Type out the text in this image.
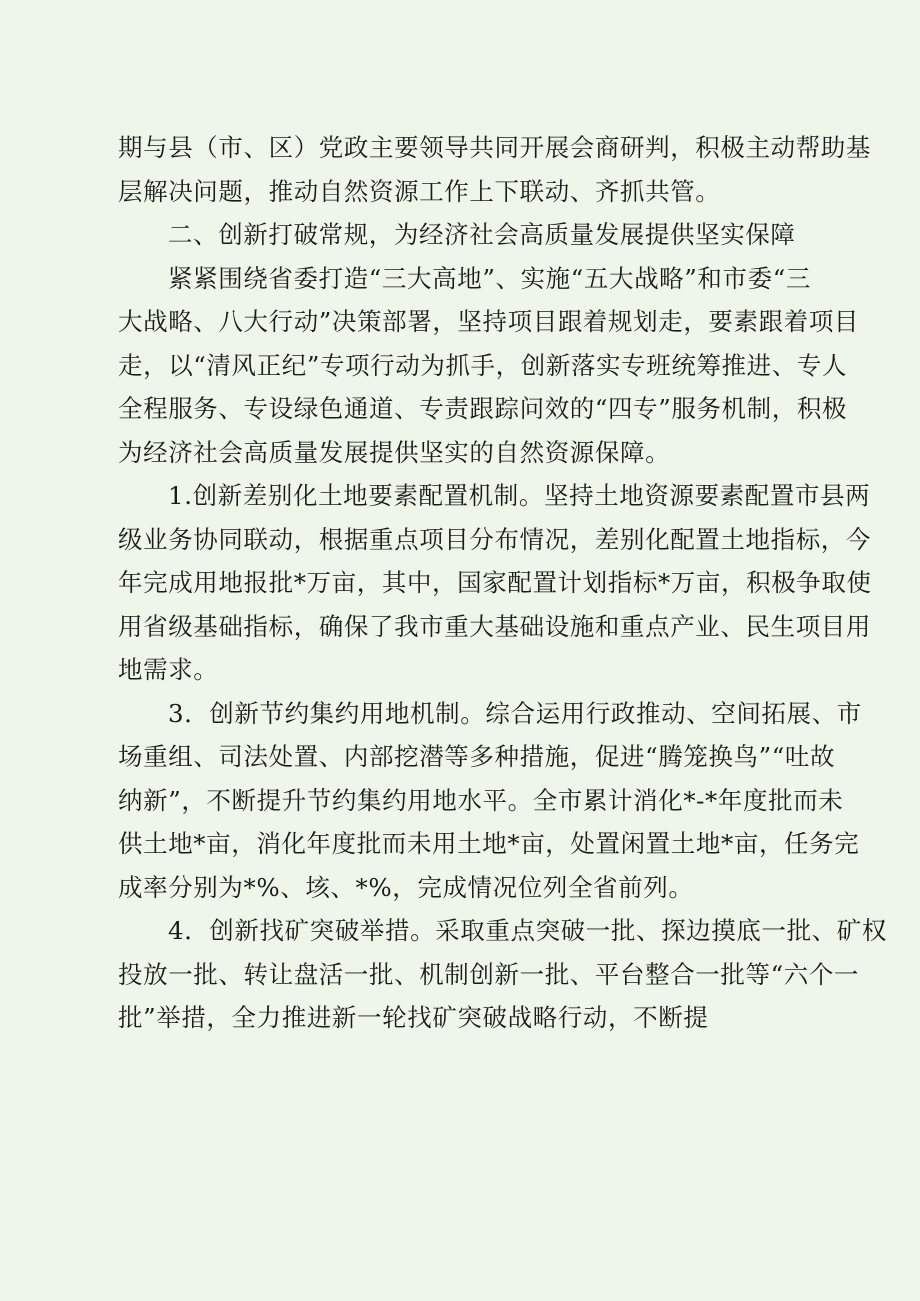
期与县（市、区）党政主要领导共同开展会商研判，积极主动帮助基
层解决问题，推动自然资源工作上下联动、齐抓共管。
二、创新打破常规，为经济社会高质量发展提供坚实保障
紧紧围绕省委打造“三大高地”、实施“五大战略”和市委“三
大战略、八大行动”决策部署，坚持项目跟着规划走，要素跟着项目
走，以“清风正纪”专项行动为抓手，创新落实专班统筹推进、专人
全程服务、专设绿色通道、专责跟踪问效的“四专”服务机制，积极
为经济社会高质量发展提供坚实的自然资源保障。
1.创新差别化土地要素配置机制。坚持土地资源要素配置市县两
级业务协同联动，根据重点项目分布情况，差别化配置土地指标，今
年完成用地报批*万亩，其中，国家配置计划指标*万亩，积极争取使
用省级基础指标，确保了我市重大基础设施和重点产业、民生项目用
地需求。
3．创新节约集约用地机制。综合运用行政推动、空间拓展、市
场重组、司法处置、内部挖潜等多种措施，促进“腾笼换鸟”“吐故
纳新”，不断提升节约集约用地水平。全市累计消化*-*年度批而未
供土地*亩，消化年度批而未用土地*亩，处置闲置土地*亩，任务完
成率分别为*%、垓、*%，完成情况位列全省前列。
4．创新找矿突破举措。采取重点突破一批、探边摸底一批、矿权
投放一批、转让盘活一批、机制创新一批、平台整合一批等“六个一
批”举措，全力推进新一轮找矿突破战略行动，不断提
